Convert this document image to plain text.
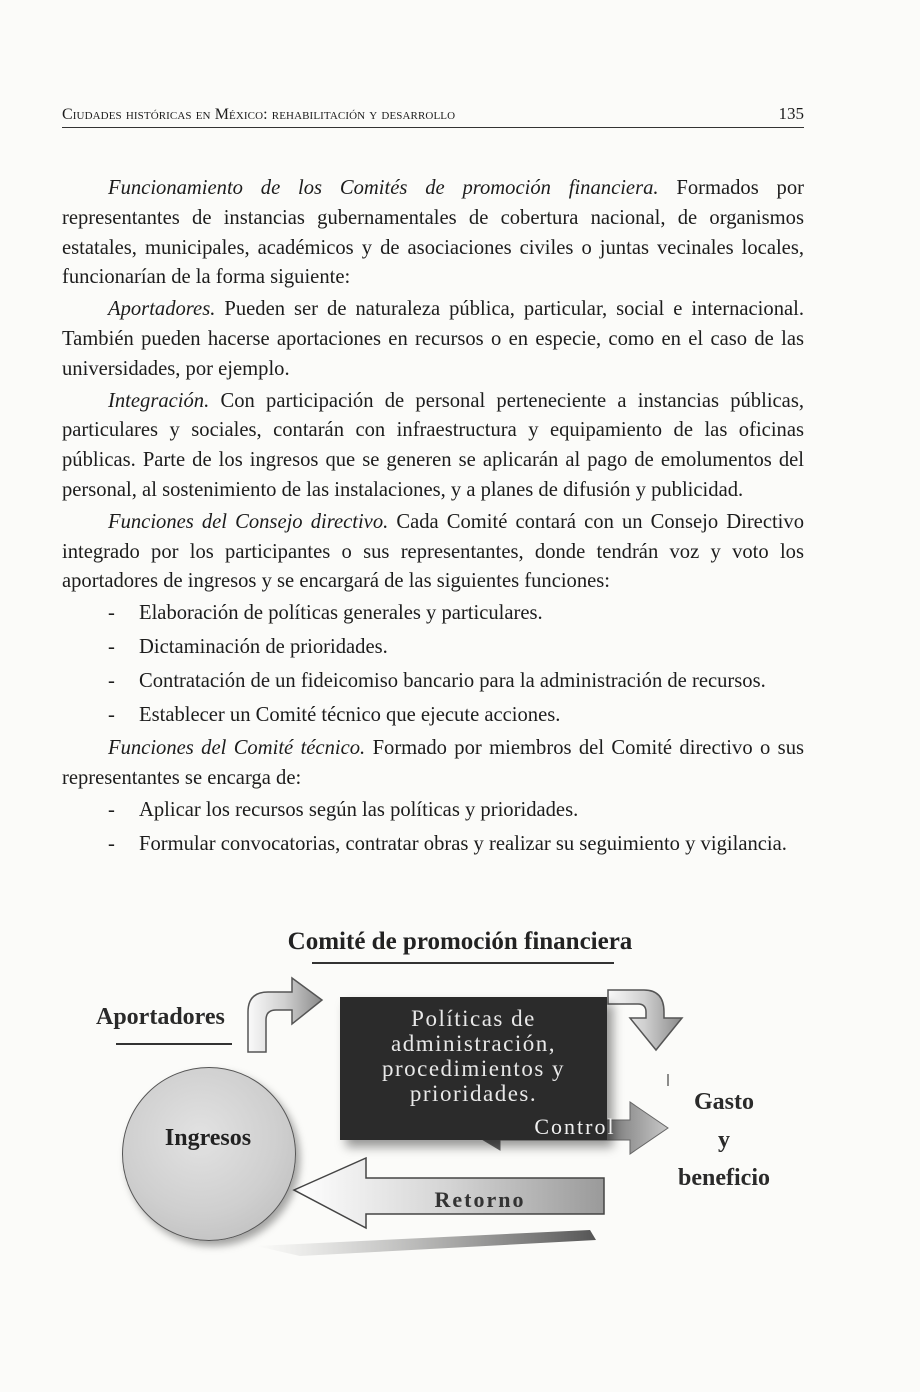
Ciudades históricas en México: rehabilitación y desarrollo	135

Funcionamiento de los Comités de promoción financiera. Formados por representantes de instancias gubernamentales de cobertura nacional, de organismos estatales, municipales, académicos y de asociaciones civiles o juntas vecinales locales, funcionarían de la forma siguiente:

Aportadores. Pueden ser de naturaleza pública, particular, social e internacional. También pueden hacerse aportaciones en recursos o en especie, como en el caso de las universidades, por ejemplo.

Integración. Con participación de personal perteneciente a instancias públicas, particulares y sociales, contarán con infraestructura y equipamiento de las oficinas públicas. Parte de los ingresos que se generen se aplicarán al pago de emolumentos del personal, al sostenimiento de las instalaciones, y a planes de difusión y publicidad.

Funciones del Consejo directivo. Cada Comité contará con un Consejo Directivo integrado por los participantes o sus representantes, donde tendrán voz y voto los aportadores de ingresos y se encargará de las siguientes funciones:

- Elaboración de políticas generales y particulares.
- Dictaminación de prioridades.
- Contratación de un fideicomiso bancario para la administración de recursos.
- Establecer un Comité técnico que ejecute acciones.

Funciones del Comité técnico. Formado por miembros del Comité directivo o sus representantes se encarga de:

- Aplicar los recursos según las políticas y prioridades.
- Formular convocatorias, contratar obras y realizar su seguimiento y vigilancia.
Comité de promoción financiera
Aportadores
Ingresos
Políticas de
administración,
procedimientos y
prioridades.
Control
Retorno
Gasto
y
beneficio
